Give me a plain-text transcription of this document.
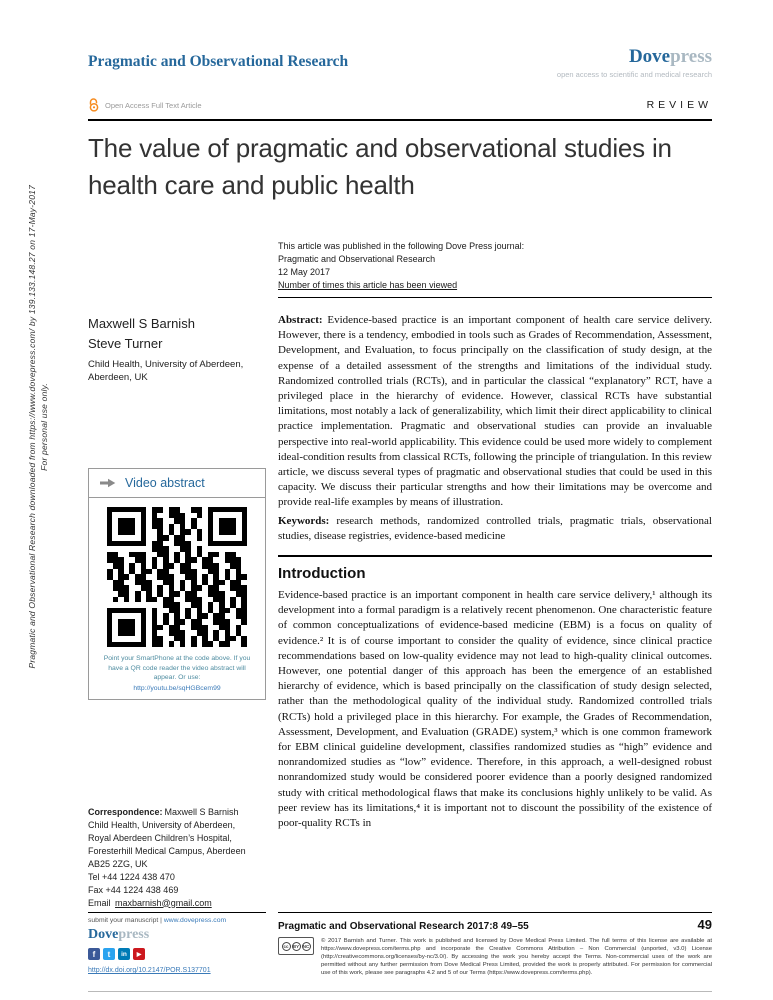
Pragmatic and Observational Research downloaded from https://www.dovepress.com/ by 139.133.148.27 on 17-May-2017 For personal use only.
Pragmatic and Observational Research	Dovepress
open access to scientific and medical research
Open Access Full Text Article	REVIEW
The value of pragmatic and observational studies in health care and public health
Maxwell S Barnish
Steve Turner
Child Health, University of Aberdeen, Aberdeen, UK
Video abstract
Point your SmartPhone at the code above. If you have a QR code reader the video abstract will appear. Or use:
http://youtu.be/sqHGBcem99
Correspondence: Maxwell S Barnish
Child Health, University of Aberdeen,
Royal Aberdeen Children’s Hospital,
Foresterhill Medical Campus, Aberdeen
AB25 2ZG, UK
Tel +44 1224 438 470
Fax +44 1224 438 469
Email maxbarnish@gmail.com
This article was published in the following Dove Press journal:
Pragmatic and Observational Research
12 May 2017
Number of times this article has been viewed

Abstract: Evidence-based practice is an important component of health care service delivery. However, there is a tendency, embodied in tools such as Grades of Recommendation, Assessment, Development, and Evaluation, to focus principally on the classification of study design, at the expense of a detailed assessment of the strengths and limitations of the individual study. Randomized controlled trials (RCTs), and in particular the classical “explanatory” RCT, have a privileged place in the hierarchy of evidence. However, classical RCTs have substantial limitations, most notably a lack of generalizability, which limit their direct applicability to clinical practice implementation. Pragmatic and observational studies can provide an invaluable perspective into real-world applicability. This evidence could be used more widely to complement ideal-condition results from classical RCTs, following the principle of triangulation. In this review article, we discuss several types of pragmatic and observational studies that could be used in this capacity. We discuss their particular strengths and how their limitations may be overcome and provide real-life examples by means of illustration.

Keywords: research methods, randomized controlled trials, pragmatic trials, observational studies, disease registries, evidence-based medicine

Introduction

Evidence-based practice is an important component in health care service delivery,¹ although its development into a formal paradigm is a relatively recent phenomenon. One characteristic feature of common conceptualizations of evidence-based medicine (EBM) is a focus on quality of evidence.² It is of course important to consider the quality of evidence, since clinical practice recommendations based on low-quality evidence may not lead to high-quality clinical outcomes. However, one potential danger of this approach has been the emergence of an established hierarchy of evidence, which is based principally on the classification of study design selected, rather than the methodological quality of the individual study. Randomized controlled trials (RCTs) hold a privileged place in this hierarchy. For example, the Grades of Recommendation, Assessment, Development, and Evaluation (GRADE) system,³ which is one common framework for EBM clinical guideline development, classifies randomized studies as “high” evidence and nonrandomized studies as “low” evidence. Therefore, in this approach, a well-designed robust nonrandomized study would be considered poorer evidence than a poorly designed randomized study with critical methodological flaws that make its conclusions highly unlikely to be valid. As peer review has its limitations,⁴ it is important not to discount the possibility of the existence of poor-quality RCTs in

submit your manuscript | www.dovepress.com
Dovepress
f	t	in	▶
http://dx.doi.org/10.2147/POR.S137701
Pragmatic and Observational Research 2017:8 49–55	49
cc BY NC
© 2017 Barnish and Turner. This work is published and licensed by Dove Medical Press Limited. The full terms of this license are available at https://www.dovepress.com/terms.php and incorporate the Creative Commons Attribution – Non Commercial (unported, v3.0) License (http://creativecommons.org/licenses/by-nc/3.0/). By accessing the work you hereby accept the Terms. Non-commercial uses of the work are permitted without any further permission from Dove Medical Press Limited, provided the work is properly attributed. For permission for commercial use of this work, please see paragraphs 4.2 and 5 of our Terms (https://www.dovepress.com/terms.php).
